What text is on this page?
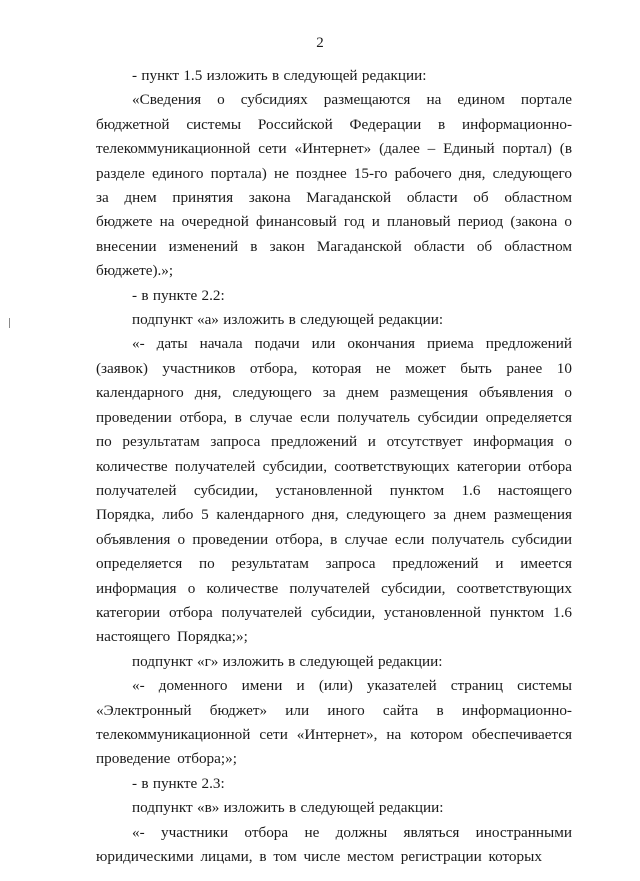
2

- пункт 1.5 изложить в следующей редакции:

«Сведения о субсидиях размещаются на едином портале бюджетной системы Российской Федерации в информационно-телекоммуникационной сети «Интернет» (далее – Единый портал) (в разделе единого портала) не позднее 15-го рабочего дня, следующего за днем принятия закона Магаданской области об областном бюджете на очередной финансовый год и плановый период (закона о внесении изменений в закон Магаданской области об областном бюджете).»;

- в пункте 2.2:

подпункт «а» изложить в следующей редакции:

«- даты начала подачи или окончания приема предложений (заявок) участников отбора, которая не может быть ранее 10 календарного дня, следующего за днем размещения объявления о проведении отбора, в случае если получатель субсидии определяется по результатам запроса предложений и отсутствует информация о количестве получателей субсидии, соответствующих категории отбора получателей субсидии, установленной пунктом 1.6 настоящего Порядка, либо 5 календарного дня, следующего за днем размещения объявления о проведении отбора, в случае если получатель субсидии определяется по результатам запроса предложений и имеется информация о количестве получателей субсидии, соответствующих категории отбора получателей субсидии, установленной пунктом 1.6 настоящего Порядка;»;

подпункт «г» изложить в следующей редакции:

«- доменного имени и (или) указателей страниц системы «Электронный бюджет» или иного сайта в информационно-телекоммуникационной сети «Интернет», на котором обеспечивается проведение отбора;»;

- в пункте 2.3:

подпункт «в» изложить в следующей редакции:

«- участники отбора не должны являться иностранными юридическими лицами, в том числе местом регистрации которых
